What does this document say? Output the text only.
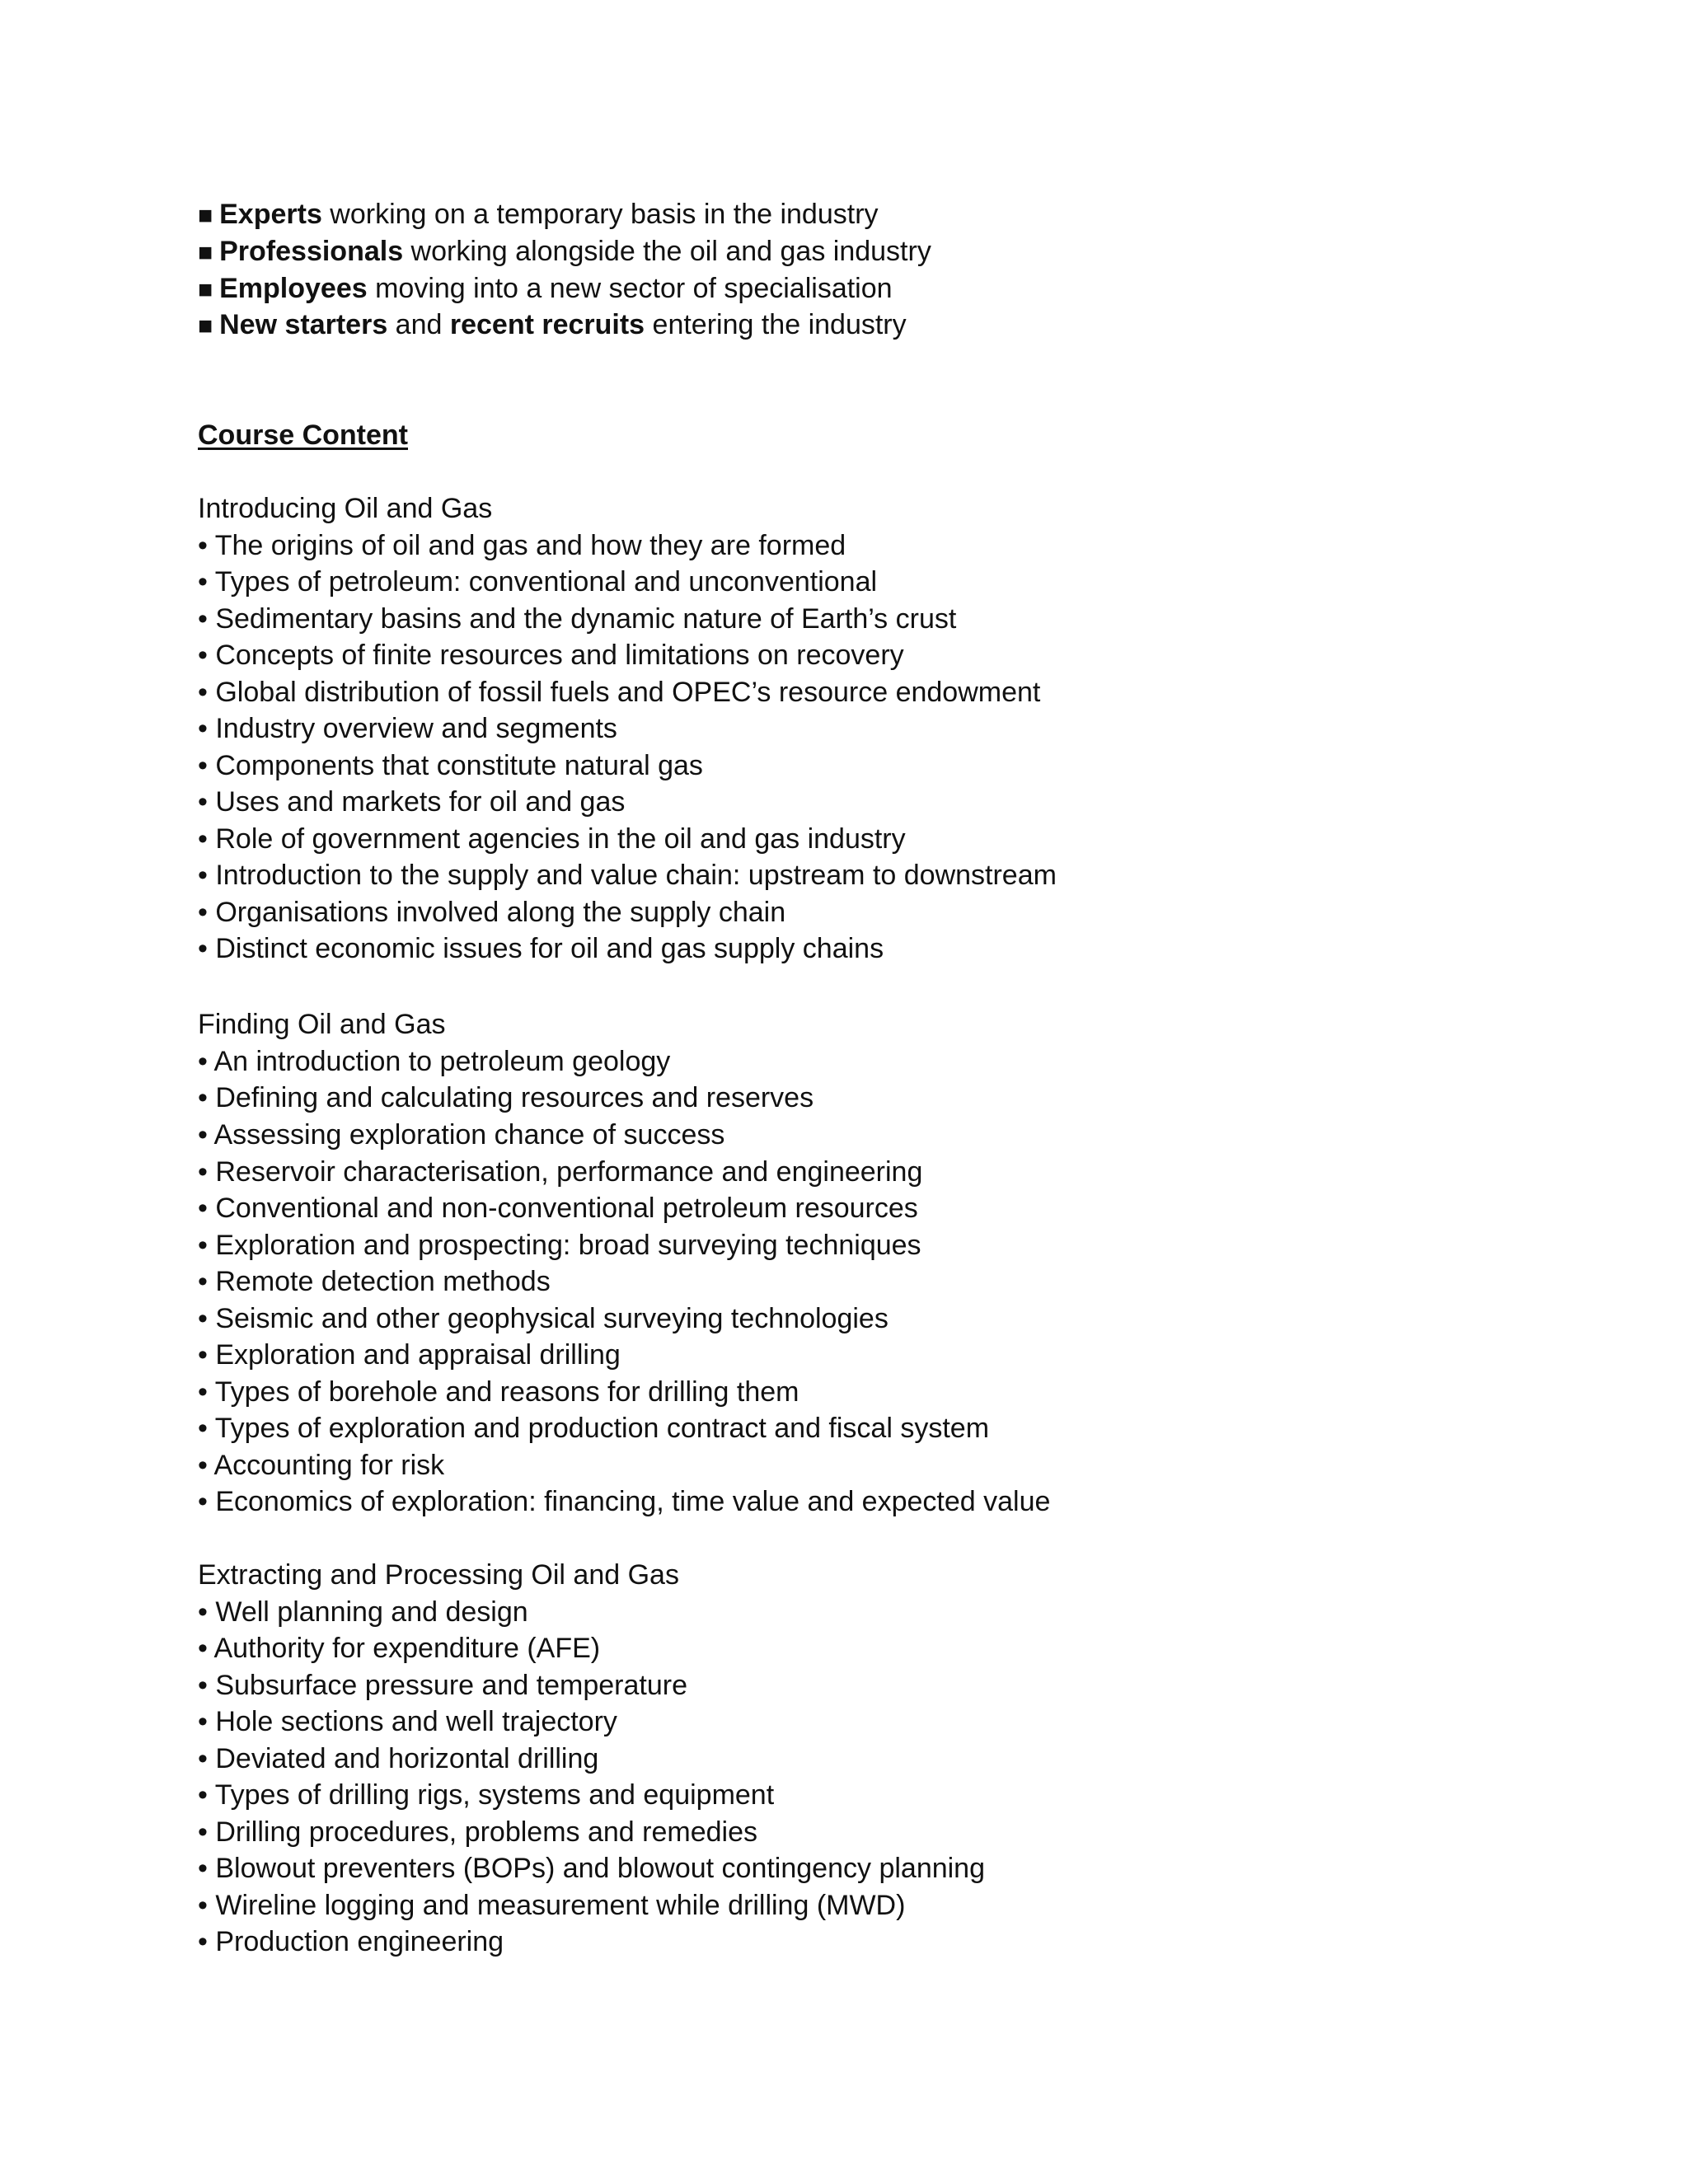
■ Experts working on a temporary basis in the industry
■ Professionals working alongside the oil and gas industry
■ Employees moving into a new sector of specialisation
■ New starters and recent recruits entering the industry
Course Content
Introducing Oil and Gas
• The origins of oil and gas and how they are formed
• Types of petroleum: conventional and unconventional
• Sedimentary basins and the dynamic nature of Earth’s crust
• Concepts of finite resources and limitations on recovery
• Global distribution of fossil fuels and OPEC’s resource endowment
• Industry overview and segments
• Components that constitute natural gas
• Uses and markets for oil and gas
• Role of government agencies in the oil and gas industry
• Introduction to the supply and value chain: upstream to downstream
• Organisations involved along the supply chain
• Distinct economic issues for oil and gas supply chains
Finding Oil and Gas
• An introduction to petroleum geology
• Defining and calculating resources and reserves
• Assessing exploration chance of success
• Reservoir characterisation, performance and engineering
• Conventional and non-conventional petroleum resources
• Exploration and prospecting: broad surveying techniques
• Remote detection methods
• Seismic and other geophysical surveying technologies
• Exploration and appraisal drilling
• Types of borehole and reasons for drilling them
• Types of exploration and production contract and fiscal system
• Accounting for risk
• Economics of exploration: financing, time value and expected value
Extracting and Processing Oil and Gas
• Well planning and design
• Authority for expenditure (AFE)
• Subsurface pressure and temperature
• Hole sections and well trajectory
• Deviated and horizontal drilling
• Types of drilling rigs, systems and equipment
• Drilling procedures, problems and remedies
• Blowout preventers (BOPs) and blowout contingency planning
• Wireline logging and measurement while drilling (MWD)
• Production engineering
